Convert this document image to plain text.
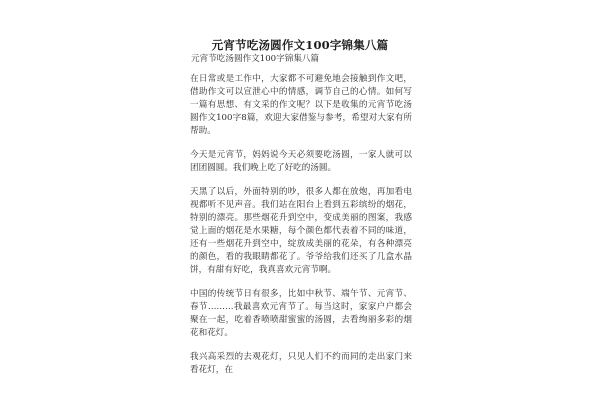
元宵节吃汤圆作文100字锦集八篇
元宵节吃汤圆作文100字锦集八篇

在日常或是工作中，大家都不可避免地会接触到作文吧，借助作文可以宣泄心中的情感，调节自己的心情。如何写一篇有思想、有文采的作文呢？以下是收集的元宵节吃汤圆作文100字8篇，欢迎大家借鉴与参考，希望对大家有所帮助。

今天是元宵节，妈妈说今天必须要吃汤圆，一家人就可以团团圆圆。我们晚上吃了好吃的汤圆。

天黑了以后，外面特别的吵，很多人都在放炮，再加看电视都听不见声音。我们站在阳台上看到五彩缤纷的烟花，特别的漂亮。那些烟花升到空中，变成美丽的图案，我感觉上面的烟花是水果糖，每个颜色都代表着不同的味道，还有一些烟花升到空中，绽放成美丽的花朵，有各种漂亮的颜色，看的我眼睛都花了。爷爷给我们还买了几盒水晶饼，有甜有好吃，我真喜欢元宵节啊。

中国的传统节日有很多，比如中秋节、端午节、元宵节、春节………我最喜欢元宵节了。每当这时，家家户户都会聚在一起，吃着香喷喷甜蜜蜜的汤圆，去看绚丽多彩的烟花和花灯。

我兴高采烈的去观花灯，只见人们不约而同的走出家门来看花灯，在
